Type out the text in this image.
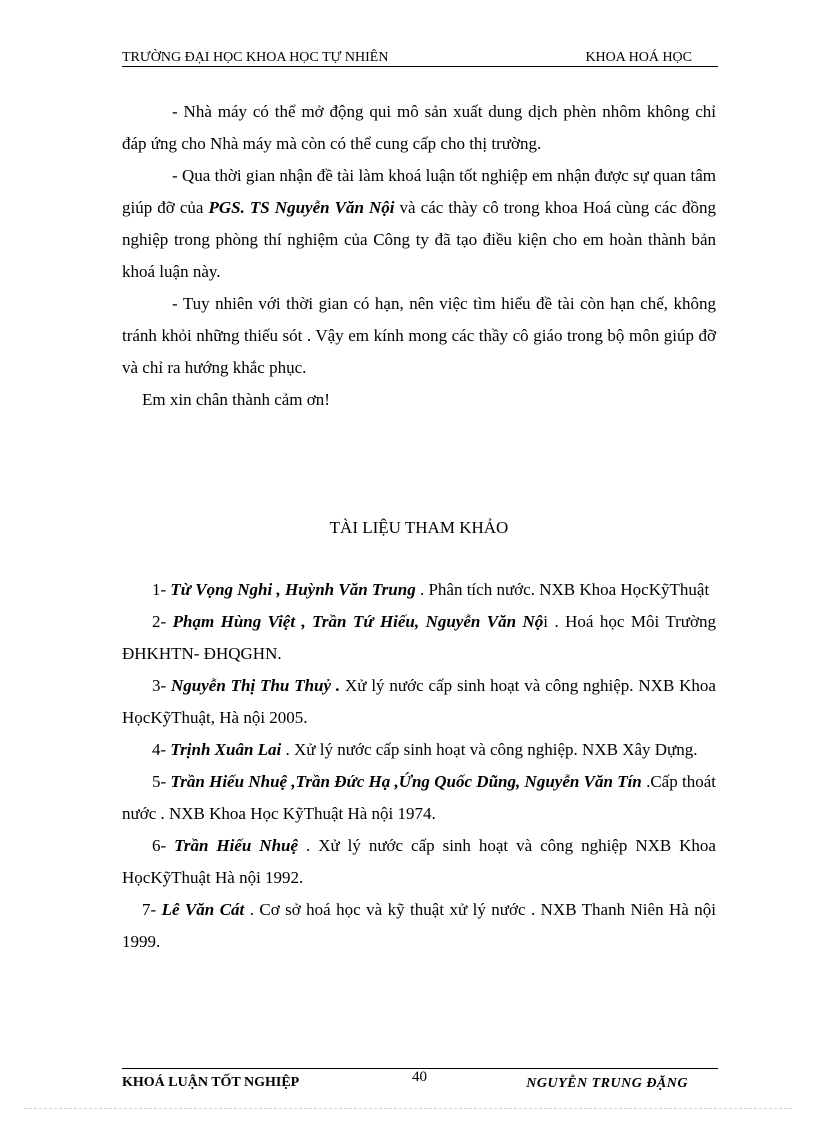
TRƯỜNG ĐẠI HỌC KHOA HỌC TỰ NHIÊN	KHOA HOÁ HỌC

- Nhà máy có thể mở động qui mô sản xuất dung dịch phèn nhôm không chỉ đáp ứng cho Nhà máy mà còn có thể cung cấp cho thị trường.

- Qua thời gian nhận đề tài làm khoá luận tốt nghiệp em nhận được sự quan tâm giúp đỡ của PGS. TS Nguyễn Văn Nội và các thày cô trong khoa Hoá cùng các đồng nghiệp trong phòng thí nghiệm của Công ty đã tạo điều kiện cho em hoàn thành bản khoá luận này.

- Tuy nhiên với thời gian có hạn, nên việc tìm hiểu đề tài còn hạn chế, không tránh khỏi những thiếu sót . Vậy em kính mong các thầy cô giáo trong bộ môn giúp đỡ và chỉ ra hướng khắc phục.

Em xin chân thành cảm ơn!

TÀI LIỆU THAM KHẢO

1- Từ Vọng Nghi , Huỳnh Văn Trung . Phân tích nước. NXB Khoa HọcKỹThuật

2- Phạm Hùng Việt , Trần Tứ Hiếu, Nguyễn Văn Nội . Hoá học Môi Trường ĐHKHTN- ĐHQGHN.

3- Nguyễn Thị Thu Thuỷ . Xử lý nước cấp sinh hoạt và công nghiệp. NXB Khoa HọcKỹThuật, Hà nội 2005.

4- Trịnh Xuân Lai . Xử lý nước cấp sinh hoạt và công nghiệp. NXB Xây Dựng.

5- Trần Hiếu Nhuệ ,Trần Đức Hạ ,Ứng Quốc Dũng, Nguyễn Văn Tín .Cấp thoát nước . NXB Khoa Học KỹThuật Hà nội 1974.

6- Trần Hiếu Nhuệ . Xử lý nước cấp sinh hoạt và công nghiệp NXB Khoa HọcKỹThuật Hà nội 1992.

7- Lê Văn Cát . Cơ sở hoá học và kỹ thuật xử lý nước . NXB Thanh Niên Hà nội 1999.

KHOÁ LUẬN TỐT NGHIỆP	40	NGUYỄN TRUNG ĐẶNG
